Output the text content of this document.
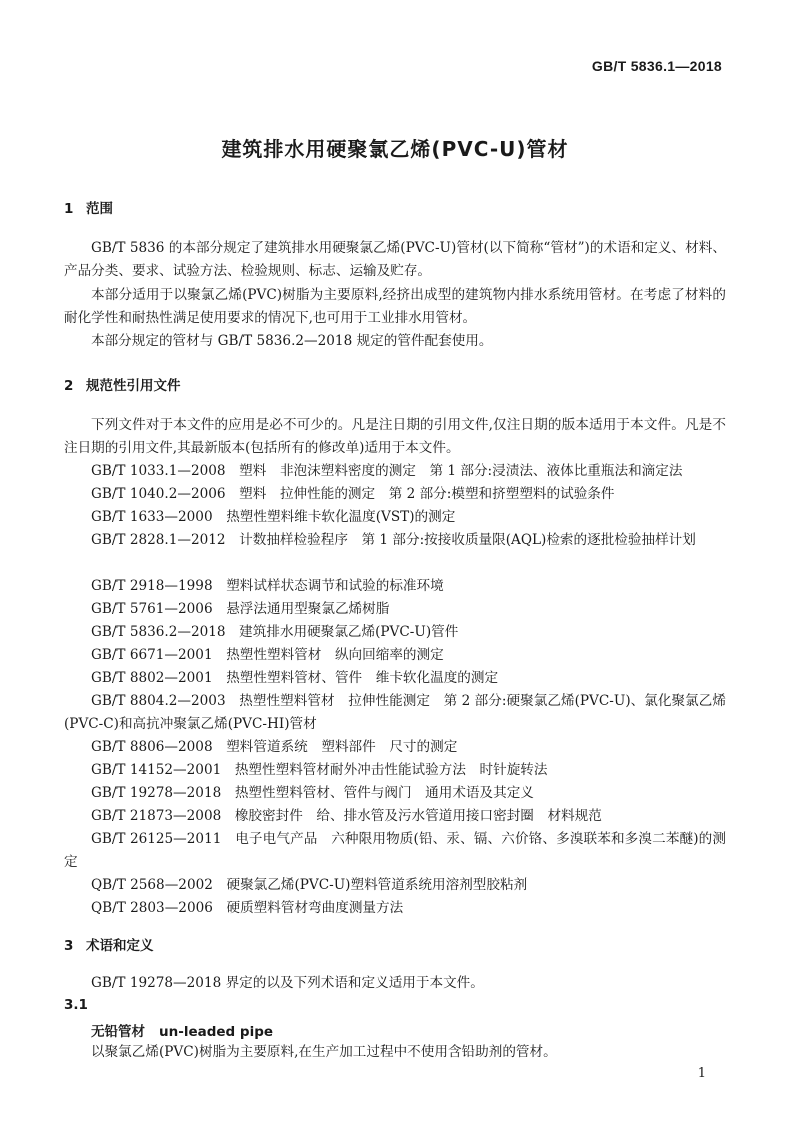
GB/T 5836.1—2018
建筑排水用硬聚氯乙烯(PVC-U)管材
1 范围
GB/T 5836 的本部分规定了建筑排水用硬聚氯乙烯(PVC-U)管材(以下简称“管材”)的术语和定义、材料、产品分类、要求、试验方法、检验规则、标志、运输及贮存。
本部分适用于以聚氯乙烯(PVC)树脂为主要原料,经挤出成型的建筑物内排水系统用管材。在考虑了材料的耐化学性和耐热性满足使用要求的情况下,也可用于工业排水用管材。
本部分规定的管材与 GB/T 5836.2—2018 规定的管件配套使用。
2 规范性引用文件
下列文件对于本文件的应用是必不可少的。凡是注日期的引用文件,仅注日期的版本适用于本文件。凡是不注日期的引用文件,其最新版本(包括所有的修改单)适用于本文件。
GB/T 1033.1—2008　塑料　非泡沫塑料密度的测定　第 1 部分:浸渍法、液体比重瓶法和滴定法
GB/T 1040.2—2006　塑料　拉伸性能的测定　第 2 部分:模塑和挤塑塑料的试验条件
GB/T 1633—2000　热塑性塑料维卡软化温度(VST)的测定
GB/T 2828.1—2012　计数抽样检验程序　第 1 部分:按接收质量限(AQL)检索的逐批检验抽样计划
GB/T 2918—1998　塑料试样状态调节和试验的标准环境
GB/T 5761—2006　悬浮法通用型聚氯乙烯树脂
GB/T 5836.2—2018　建筑排水用硬聚氯乙烯(PVC-U)管件
GB/T 6671—2001　热塑性塑料管材　纵向回缩率的测定
GB/T 8802—2001　热塑性塑料管材、管件　维卡软化温度的测定
GB/T 8804.2—2003　热塑性塑料管材　拉伸性能测定　第 2 部分:硬聚氯乙烯(PVC-U)、氯化聚氯乙烯(PVC-C)和高抗冲聚氯乙烯(PVC-HI)管材
GB/T 8806—2008　塑料管道系统　塑料部件　尺寸的测定
GB/T 14152—2001　热塑性塑料管材耐外冲击性能试验方法　时针旋转法
GB/T 19278—2018　热塑性塑料管材、管件与阀门　通用术语及其定义
GB/T 21873—2008　橡胶密封件　给、排水管及污水管道用接口密封圈　材料规范
GB/T 26125—2011　电子电气产品　六种限用物质(铅、汞、镉、六价铬、多溴联苯和多溴二苯醚)的测定
QB/T 2568—2002　硬聚氯乙烯(PVC-U)塑料管道系统用溶剂型胶粘剂
QB/T 2803—2006　硬质塑料管材弯曲度测量方法
3 术语和定义
GB/T 19278—2018 界定的以及下列术语和定义适用于本文件。
3.1
无铅管材 un-leaded pipe
以聚氯乙烯(PVC)树脂为主要原料,在生产加工过程中不使用含铅助剂的管材。
1
